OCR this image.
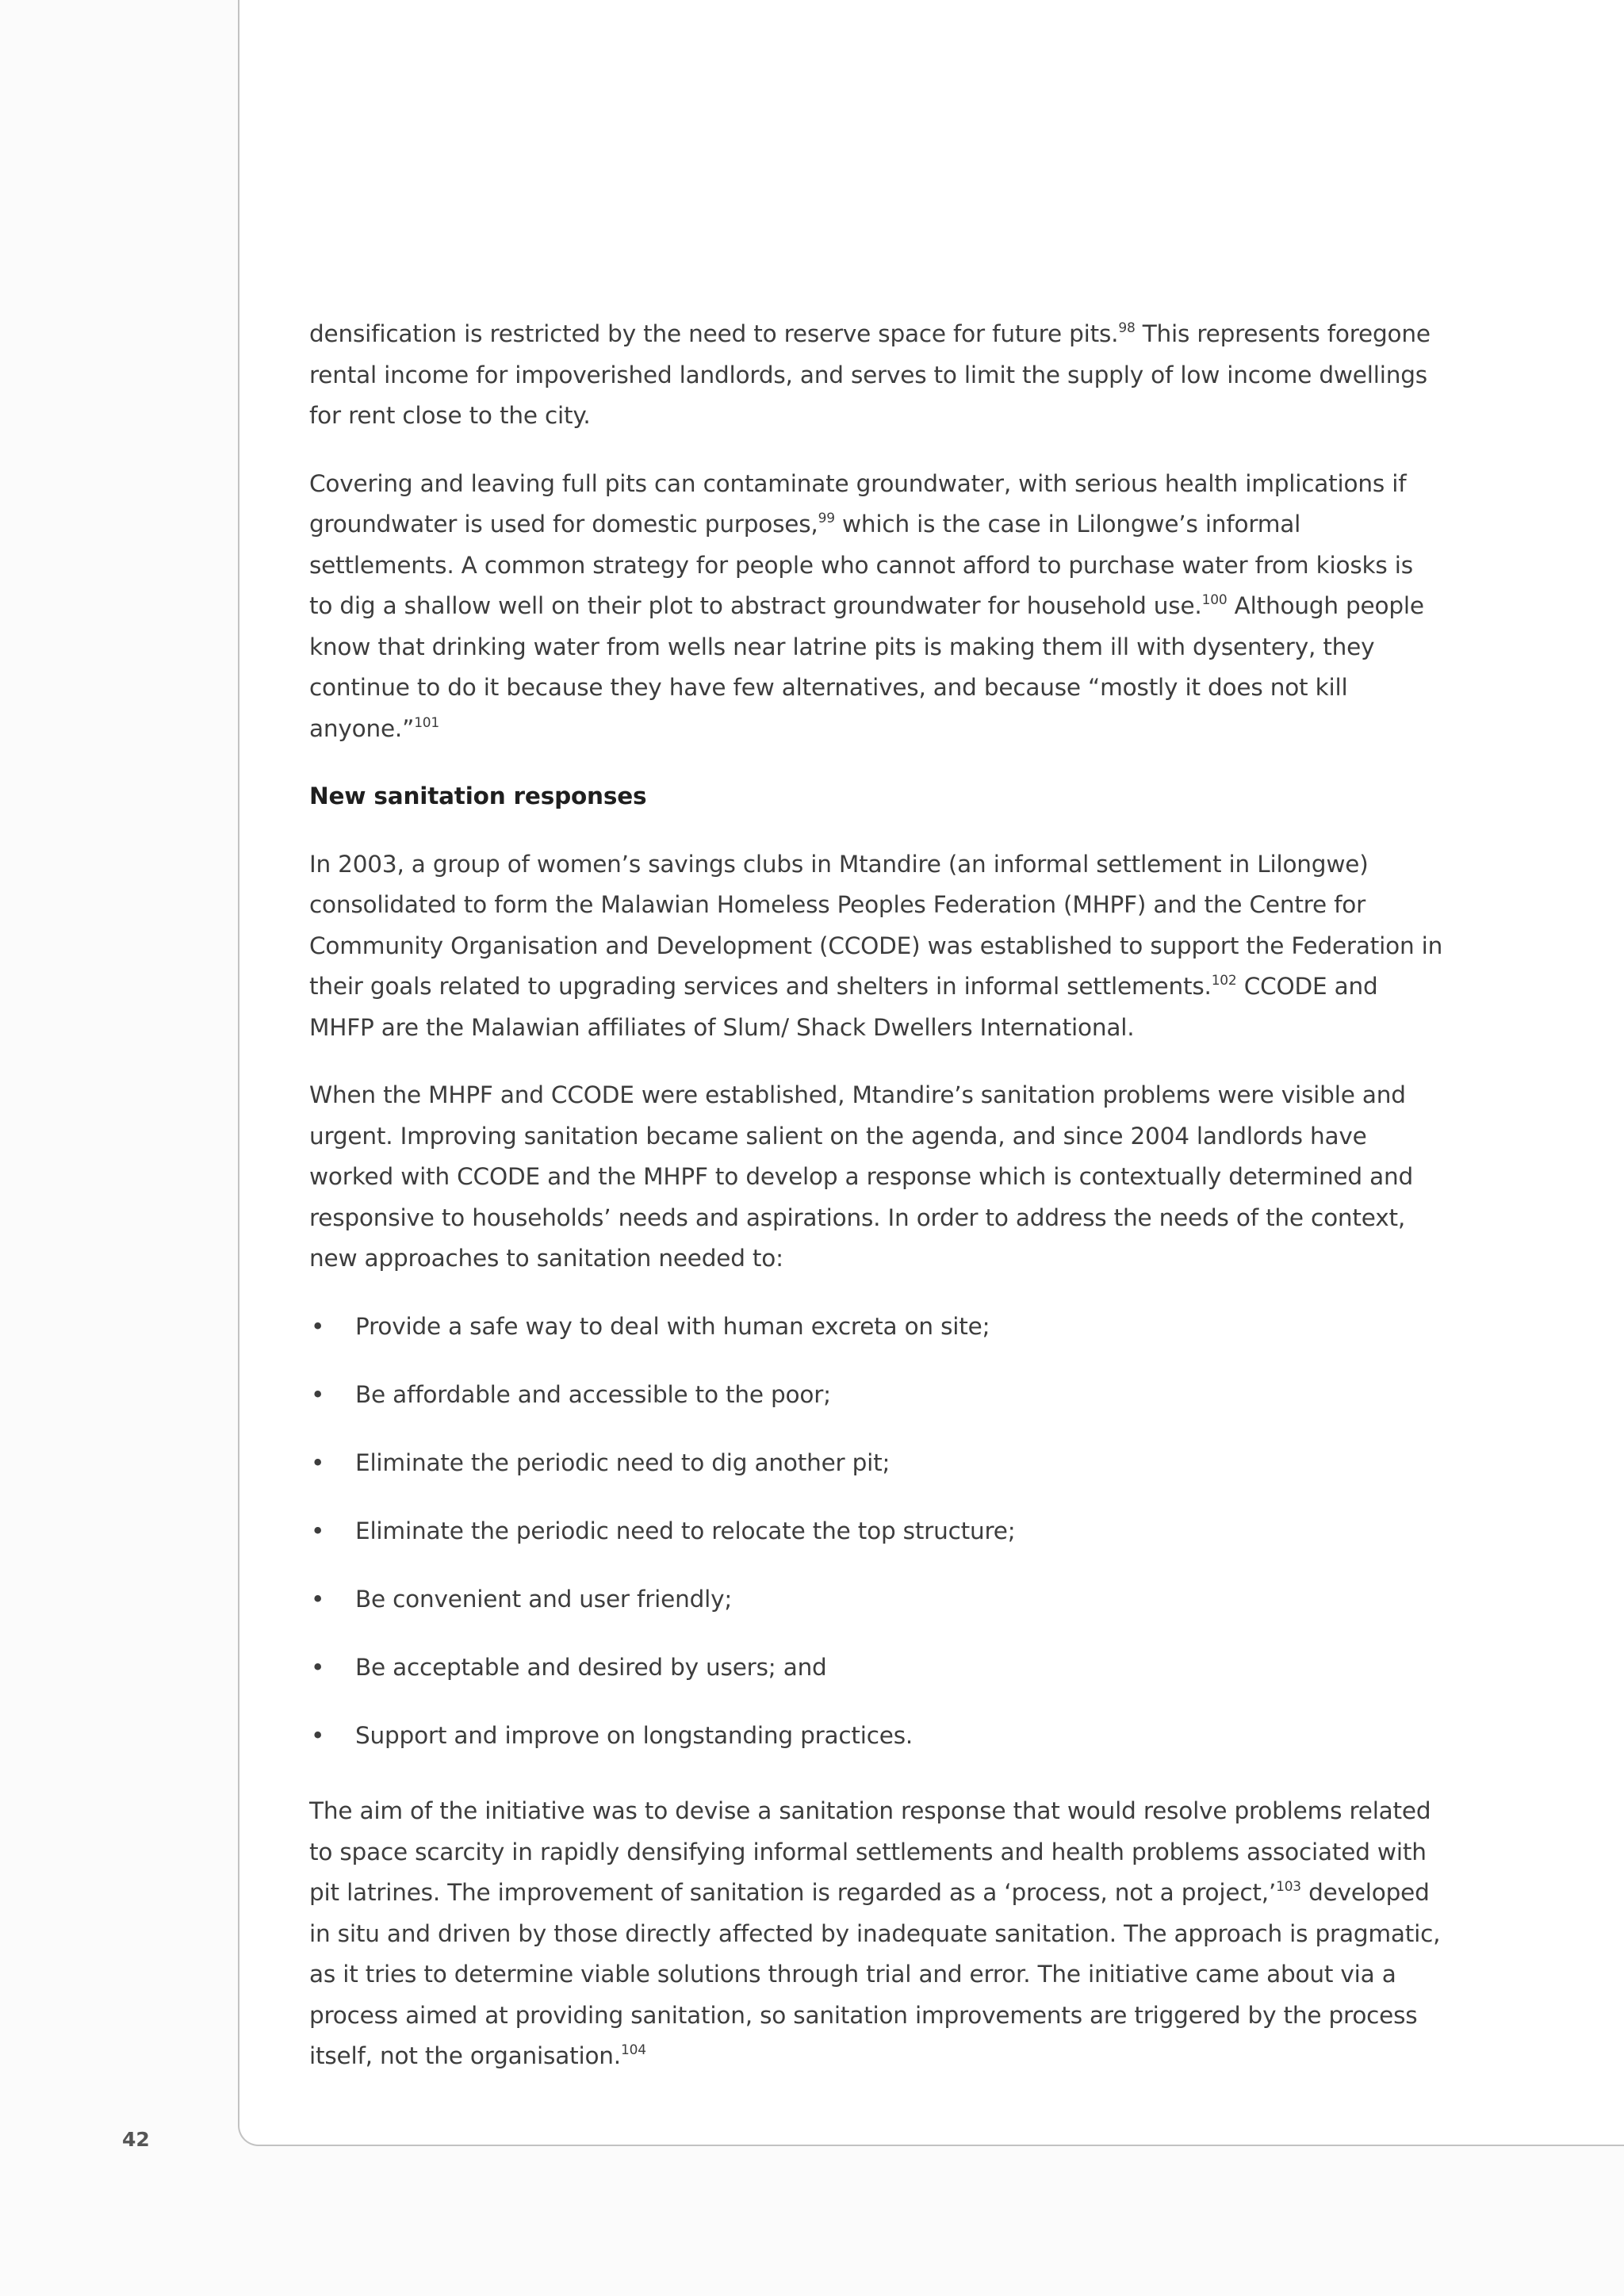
densification is restricted by the need to reserve space for future pits.$^{98}$ This represents foregone rental income for impoverished landlords, and serves to limit the supply of low income dwellings for rent close to the city.

Covering and leaving full pits can contaminate groundwater, with serious health implications if groundwater is used for domestic purposes,$^{99}$ which is the case in Lilongwe’s informal settlements. A common strategy for people who cannot afford to purchase water from kiosks is to dig a shallow well on their plot to abstract groundwater for household use.$^{100}$ Although people know that drinking water from wells near latrine pits is making them ill with dysentery, they continue to do it because they have few alternatives, and because “mostly it does not kill anyone.”$^{101}$

New sanitation responses

In 2003, a group of women’s savings clubs in Mtandire (an informal settlement in Lilongwe) consolidated to form the Malawian Homeless Peoples Federation (MHPF) and the Centre for Community Organisation and Development (CCODE) was established to support the Federation in their goals related to upgrading services and shelters in informal settlements.$^{102}$ CCODE and MHFP are the Malawian affiliates of Slum/ Shack Dwellers International.

When the MHPF and CCODE were established, Mtandire’s sanitation problems were visible and urgent. Improving sanitation became salient on the agenda, and since 2004 landlords have worked with CCODE and the MHPF to develop a response which is contextually determined and responsive to households’ needs and aspirations. In order to address the needs of the context, new approaches to sanitation needed to:

• Provide a safe way to deal with human excreta on site;
• Be affordable and accessible to the poor;
• Eliminate the periodic need to dig another pit;
• Eliminate the periodic need to relocate the top structure;
• Be convenient and user friendly;
• Be acceptable and desired by users; and
• Support and improve on longstanding practices.

The aim of the initiative was to devise a sanitation response that would resolve problems related to space scarcity in rapidly densifying informal settlements and health problems associated with pit latrines. The improvement of sanitation is regarded as a ‘process, not a project,’$^{103}$ developed in situ and driven by those directly affected by inadequate sanitation. The approach is pragmatic, as it tries to determine viable solutions through trial and error. The initiative came about via a process aimed at providing sanitation, so sanitation improvements are triggered by the process itself, not the organisation.$^{104}$

42
